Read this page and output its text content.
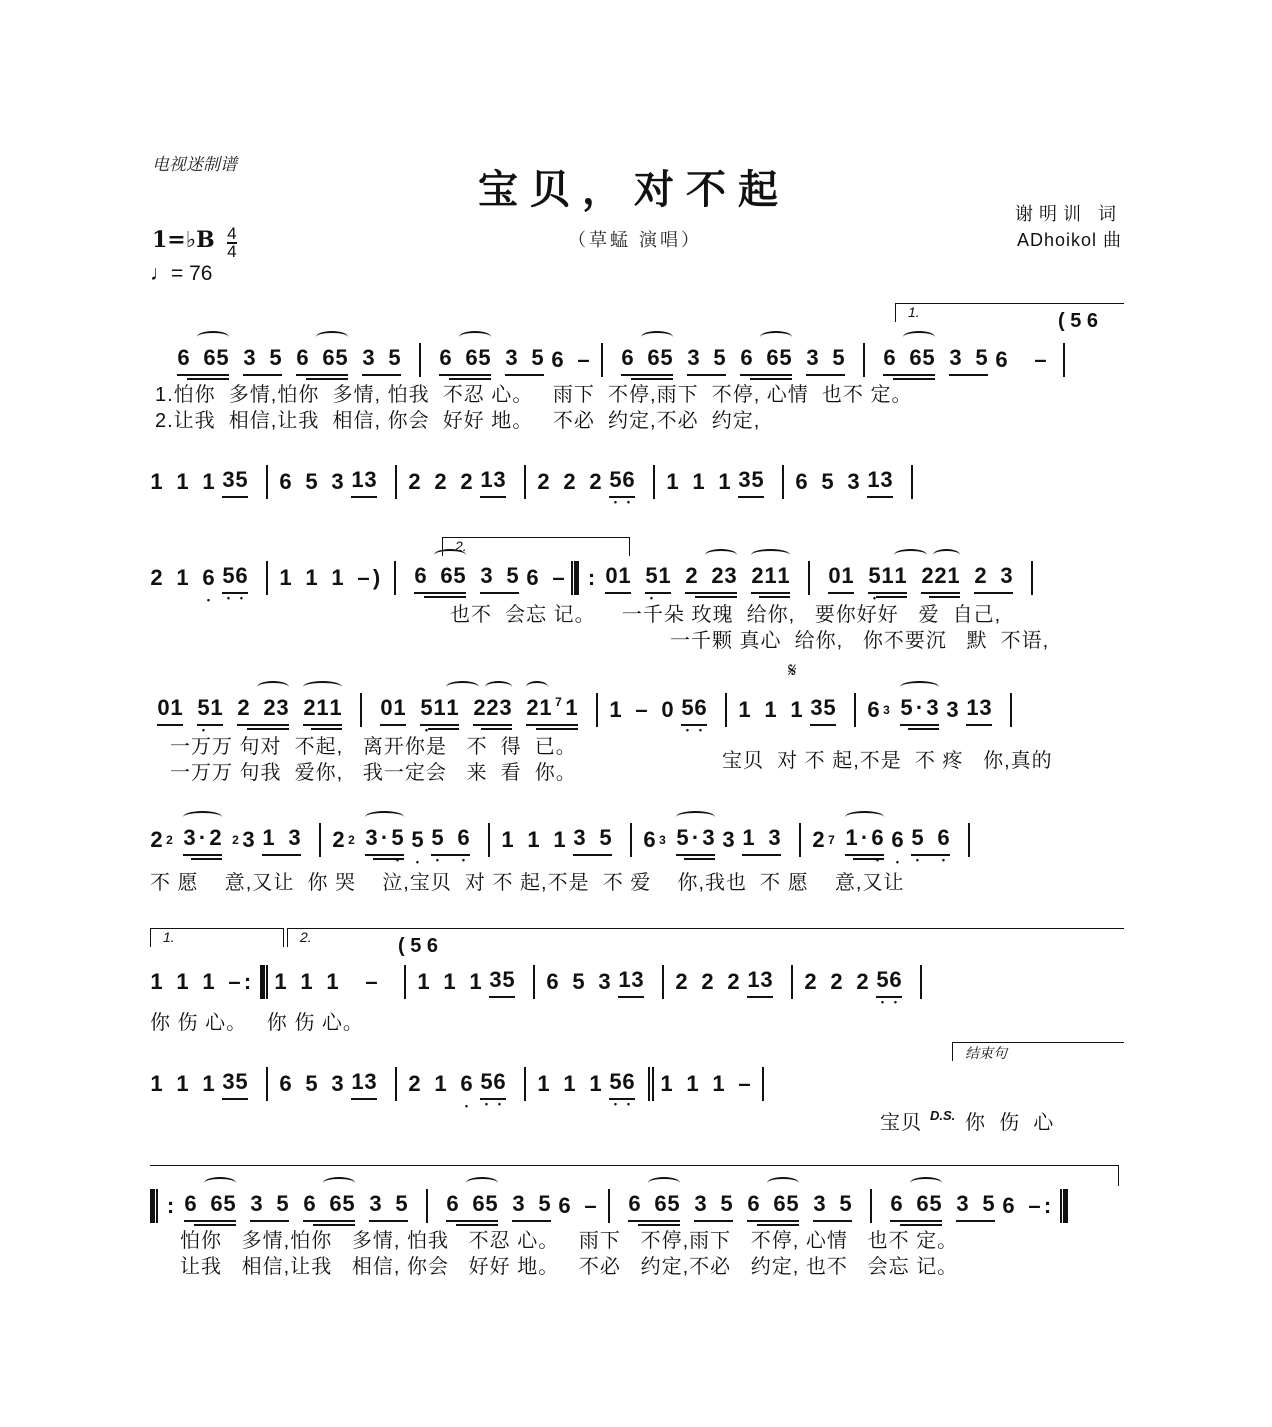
电视迷制谱
宝贝，对不起
（草蜢 演唱）
谢明训 词
ADhoikol 曲
1=♭B $\frac{4}{4}$
♩= 76
1.	( 5 6
6 6 5 3 5 6 6 5 3 5 6 6 5 3 5 6 – 6 6 5 3 5 6 6 5 3 5 6 6 5 3 5 6 –
1.怕你  多情,怕你  多情, 怕我  不忍 心。   雨下  不停,雨下  不停, 心情  也不 定。
2.让我  相信,让我  相信, 你会  好好 地。   不必  约定,不必  约定,
1 1 1 3 5 6 5 3 1 3 2 2 2 1 3 2 2 2 5 • 6 • 1 1 1 3 5 6 5 3 1 3
2.
2 1 6 • 5 • 6 • 1 1 1 – ) 6 6 5 3 5 6 – : 0 1 5 • 1 2 2 3 2 1 1 0 1 5 • 1 1 2 2 1 2 3
也不  会忘 记。    一千朵 玫瑰  给你,   要你好好   爱  自己,
一千颗 真心  给你,   你不要沉   默  不语,
𝄋
0 1 5 • 1 2 2 3 2 1 1 0 1 5 • 1 1 2 2 3 2 1 7 1 1 – 0 5 • 6 • 1 1 1 3 5 6 3 5 · 3 3 1 3
一万万 句对  不起,   离开你是   不  得  已。
一万万 句我  爱你,   我一定会   来  看  你。
宝贝  对 不 起,不是  不 疼   你,真的
2 2 3 · 2 2 3 1 3 2 2 3 · 5 • 5 • 5 • 6 • 1 1 1 3 5 6 3 5 · 3 3 1 3 2 7 1 · 6 • 6 • 5 • 6 •
不 愿    意,又让  你 哭    泣,宝贝  对 不 起,不是  不 爱    你,我也  不 愿    意,又让
1.	2.	( 5 6
1 1 1 – : 1 1 1 – 1 1 1 3 5 6 5 3 1 3 2 2 2 1 3 2 2 2 5 • 6 •
你 伤 心。   你 伤 心。
结束句
1 1 1 3 5 6 5 3 1 3 2 1 6 • 5 • 6 • 1 1 1 5 • 6 • 1 1 1 –
宝贝 D.S. 你  伤  心
: 6 6 5 3 5 6 6 5 3 5 6 6 5 3 5 6 – 6 6 5 3 5 6 6 5 3 5 6 6 5 3 5 6 – :
怕你   多情,怕你   多情, 怕我   不忍 心。   雨下   不停,雨下   不停, 心情   也不 定。
让我   相信,让我   相信, 你会   好好 地。   不必   约定,不必   约定, 也不   会忘 记。
